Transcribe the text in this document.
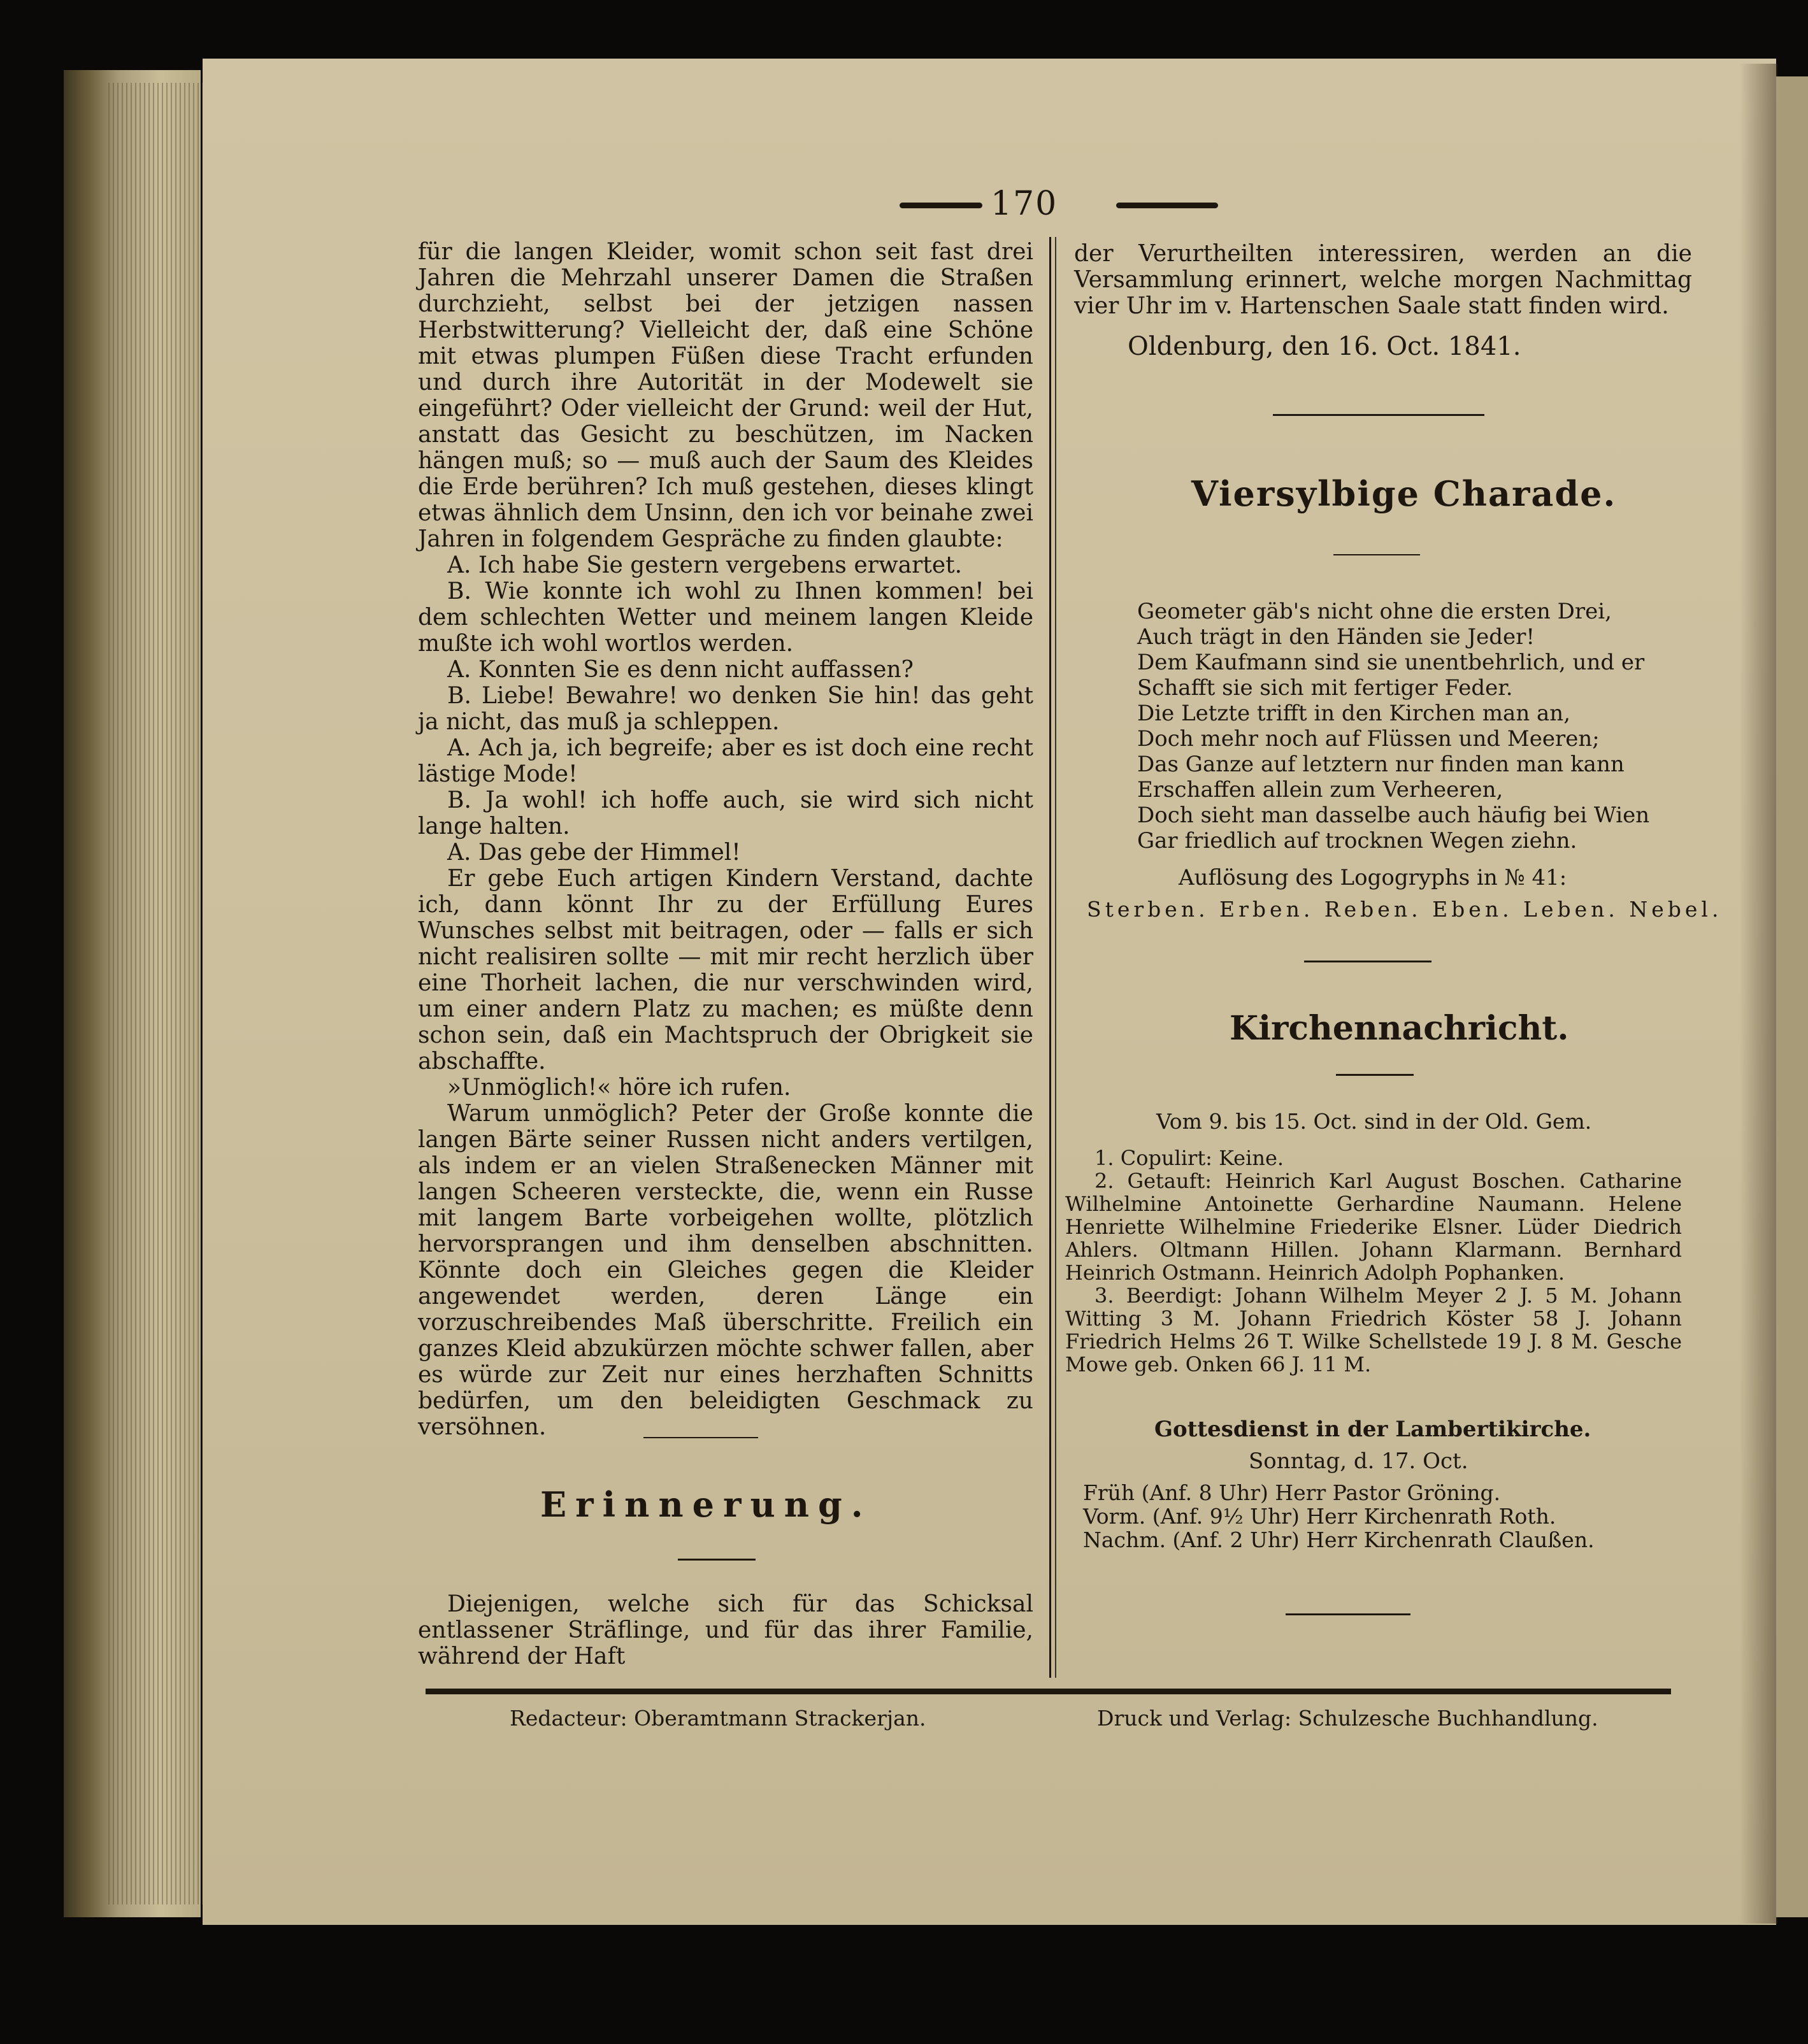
170

für die langen Kleider, womit schon seit fast drei Jahren die Mehrzahl unserer Damen die Straßen durchzieht, selbst bei der jetzigen nassen Herbstwitterung? Vielleicht der, daß eine Schöne mit etwas plumpen Füßen diese Tracht erfunden und durch ihre Autorität in der Modewelt sie eingeführt? Oder vielleicht der Grund: weil der Hut, anstatt das Gesicht zu beschützen, im Nacken hängen muß; so — muß auch der Saum des Kleides die Erde berühren? Ich muß gestehen, dieses klingt etwas ähnlich dem Unsinn, den ich vor beinahe zwei Jahren in folgendem Gespräche zu finden glaubte:

A. Ich habe Sie gestern vergebens erwartet.

B. Wie konnte ich wohl zu Ihnen kommen! bei dem schlechten Wetter und meinem langen Kleide mußte ich wohl wortlos werden.

A. Konnten Sie es denn nicht auffassen?

B. Liebe! Bewahre! wo denken Sie hin! das geht ja nicht, das muß ja schleppen.

A. Ach ja, ich begreife; aber es ist doch eine recht lästige Mode!

B. Ja wohl! ich hoffe auch, sie wird sich nicht lange halten.

A. Das gebe der Himmel!

Er gebe Euch artigen Kindern Verstand, dachte ich, dann könnt Ihr zu der Erfüllung Eures Wunsches selbst mit beitragen, oder — falls er sich nicht realisiren sollte — mit mir recht herzlich über eine Thorheit lachen, die nur verschwinden wird, um einer andern Platz zu machen; es müßte denn schon sein, daß ein Machtspruch der Obrigkeit sie abschaffte.

»Unmöglich!« höre ich rufen.

Warum unmöglich? Peter der Große konnte die langen Bärte seiner Russen nicht anders vertilgen, als indem er an vielen Straßenecken Männer mit langen Scheeren versteckte, die, wenn ein Russe mit langem Barte vorbeigehen wollte, plötzlich hervorsprangen und ihm denselben abschnitten. Könnte doch ein Gleiches gegen die Kleider angewendet werden, deren Länge ein vorzuschreibendes Maß überschritte. Freilich ein ganzes Kleid abzukürzen möchte schwer fallen, aber es würde zur Zeit nur eines herzhaften Schnitts bedürfen, um den beleidigten Geschmack zu versöhnen.

Erinnerung.

Diejenigen, welche sich für das Schicksal entlassener Sträflinge, und für das ihrer Familie, während der Haft

der Verurtheilten interessiren, werden an die Versammlung erinnert, welche morgen Nachmittag vier Uhr im v. Hartenschen Saale statt finden wird.

Oldenburg, den 16. Oct. 1841.
Viersylbige Charade.

Geometer gäb's nicht ohne die ersten Drei,

Auch trägt in den Händen sie Jeder!

Dem Kaufmann sind sie unentbehrlich, und er

Schafft sie sich mit fertiger Feder.

Die Letzte trifft in den Kirchen man an,

Doch mehr noch auf Flüssen und Meeren;

Das Ganze auf letztern nur finden man kann

Erschaffen allein zum Verheeren,

Doch sieht man dasselbe auch häufig bei Wien

Gar friedlich auf trocknen Wegen ziehn.

Auflösung des Logogryphs in № 41:
Sterben. Erben. Reben. Eben. Leben. Nebel.
Kirchennachricht.
Vom 9. bis 15. Oct. sind in der Old. Gem.

1. Copulirt: Keine.

2. Getauft: Heinrich Karl August Boschen. Catharine Wilhelmine Antoinette Gerhardine Naumann. Helene Henriette Wilhelmine Friederike Elsner. Lüder Diedrich Ahlers. Oltmann Hillen. Johann Klarmann. Bernhard Heinrich Ostmann. Heinrich Adolph Pophanken.

3. Beerdigt: Johann Wilhelm Meyer 2 J. 5 M. Johann Witting 3 M. Johann Friedrich Köster 58 J. Johann Friedrich Helms 26 T. Wilke Schellstede 19 J. 8 M. Gesche Mowe geb. Onken 66 J. 11 M.

Gottesdienst in der Lambertikirche.
Sonntag, d. 17. Oct.

Früh (Anf. 8 Uhr) Herr Pastor Gröning.

Vorm. (Anf. 9½ Uhr) Herr Kirchenrath Roth.

Nachm. (Anf. 2 Uhr) Herr Kirchenrath Claußen.

Redacteur: Oberamtmann Strackerjan.	Druck und Verlag: Schulzesche Buchhandlung.
